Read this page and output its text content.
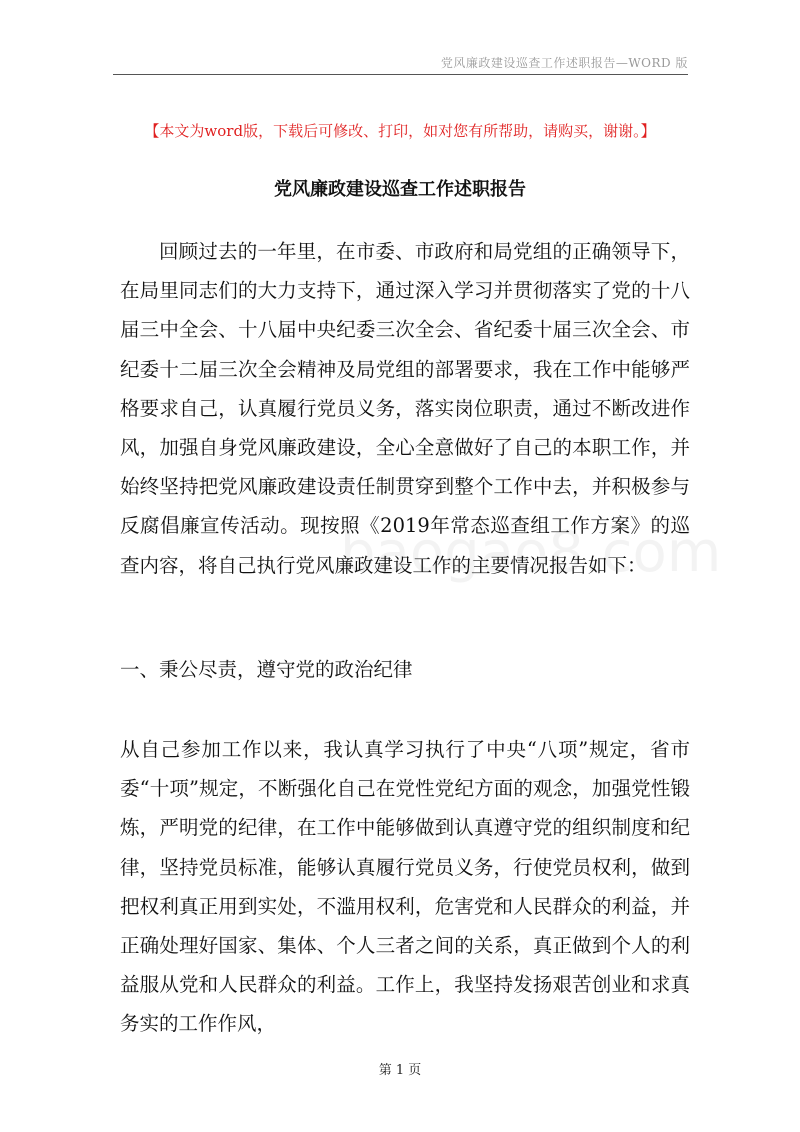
党风廉政建设巡查工作述职报告—WORD 版
【本文为word版，下载后可修改、打印，如对您有所帮助，请购买，谢谢。】
党风廉政建设巡查工作述职报告
回顾过去的一年里，在市委、市政府和局党组的正确领导下，在局里同志们的大力支持下，通过深入学习并贯彻落实了党的十八届三中全会、十八届中央纪委三次全会、省纪委十届三次全会、市纪委十二届三次全会精神及局党组的部署要求，我在工作中能够严格要求自己，认真履行党员义务，落实岗位职责，通过不断改进作风，加强自身党风廉政建设，全心全意做好了自己的本职工作，并始终坚持把党风廉政建设责任制贯穿到整个工作中去，并积极参与反腐倡廉宣传活动。现按照《2019年常态巡查组工作方案》的巡查内容，将自己执行党风廉政建设工作的主要情况报告如下：
一、秉公尽责，遵守党的政治纪律
从自己参加工作以来，我认真学习执行了中央“八项”规定，省市委“十项”规定，不断强化自己在党性党纪方面的观念，加强党性锻炼，严明党的纪律，在工作中能够做到认真遵守党的组织制度和纪律，坚持党员标准，能够认真履行党员义务，行使党员权利，做到把权利真正用到实处，不滥用权利，危害党和人民群众的利益，并正确处理好国家、集体、个人三者之间的关系，真正做到个人的利益服从党和人民群众的利益。工作上，我坚持发扬艰苦创业和求真务实的工作作风，
第 1 页
